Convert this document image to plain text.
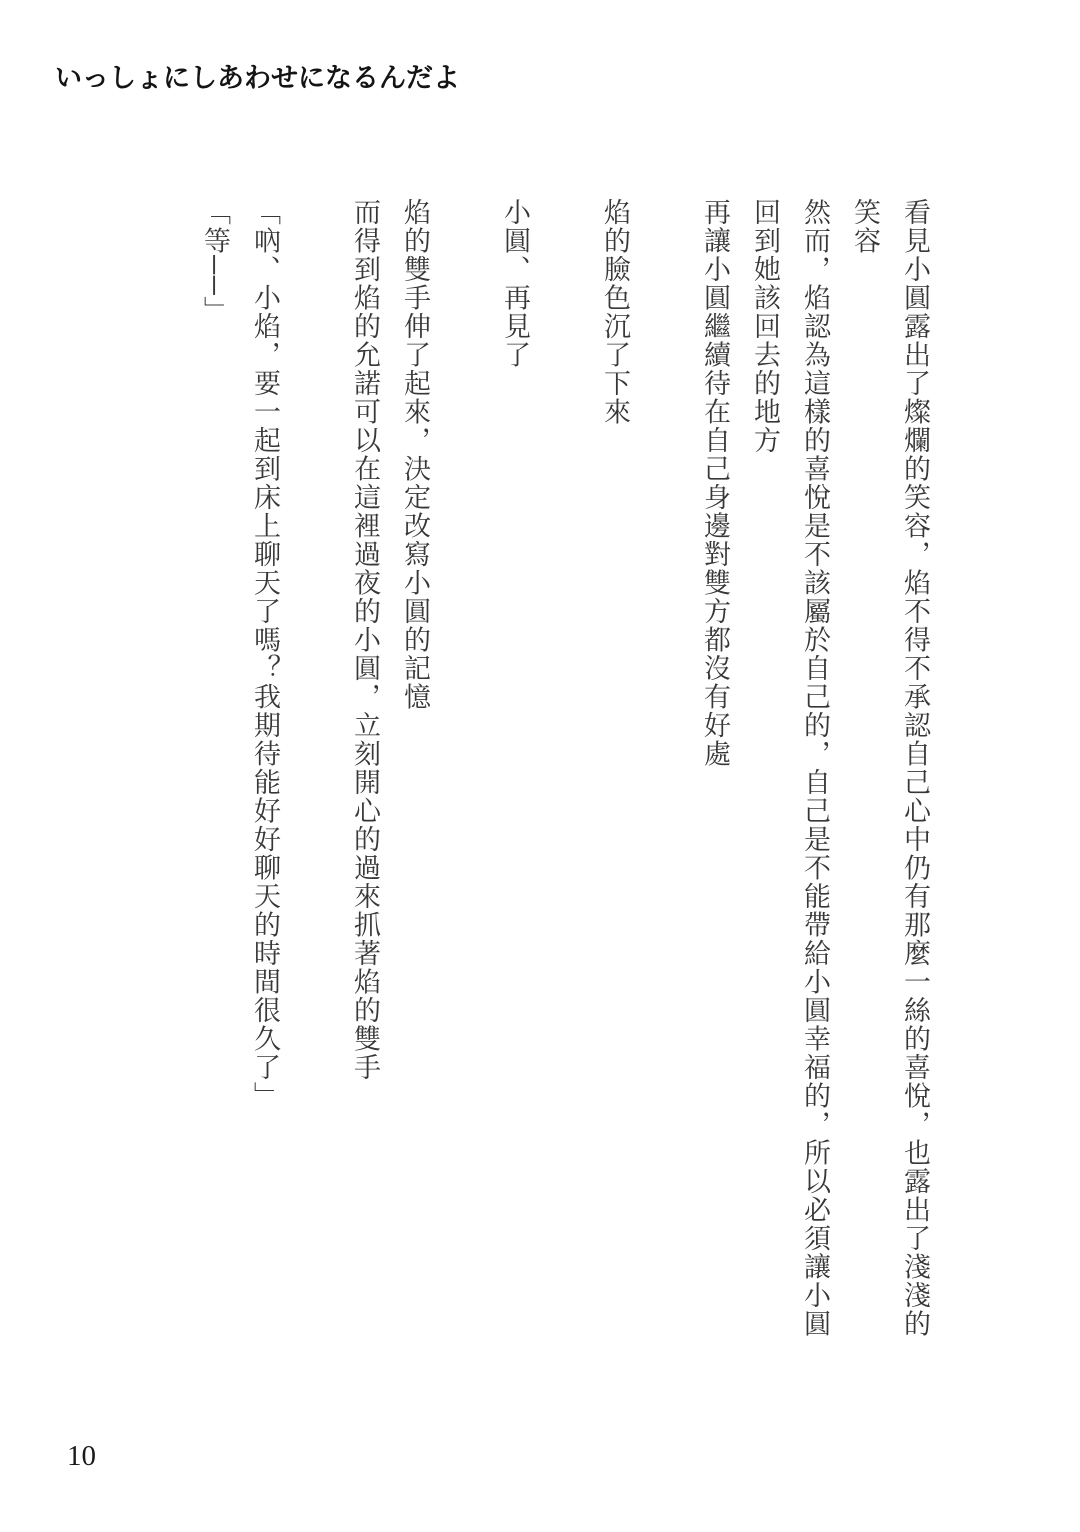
いっしょにしあわせになるんだよ

看見小圓露出了燦爛的笑容，焰不得不承認自己心中仍有那麼一絲的喜悅，也露出了淺淺的

笑容

然而，焰認為這樣的喜悅是不該屬於自己的，自己是不能帶給小圓幸福的，所以必須讓小圓

回到她該回去的地方

再讓小圓繼續待在自己身邊對雙方都沒有好處

焰的臉色沉了下來

小圓、再見了

焰的雙手伸了起來，決定改寫小圓的記憶

而得到焰的允諾可以在這裡過夜的小圓，立刻開心的過來抓著焰的雙手

「吶、小焰，要一起到床上聊天了嗎？我期待能好好聊天的時間很久了」

「等──」

10
